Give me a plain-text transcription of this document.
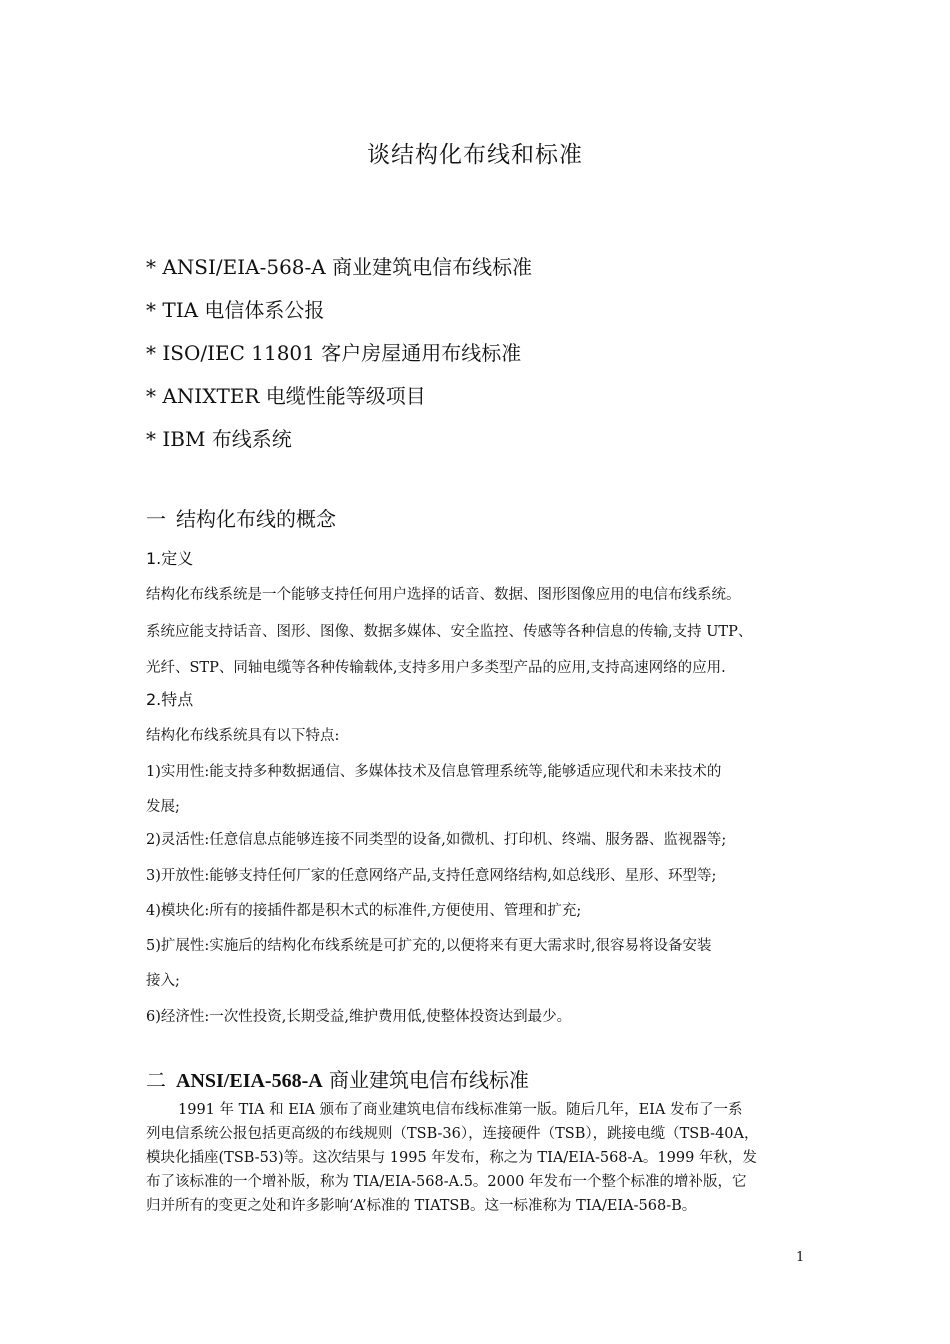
谈结构化布线和标准
* ANSI/EIA-568-A 商业建筑电信布线标准
* TIA 电信体系公报
* ISO/IEC 11801 客户房屋通用布线标准
* ANIXTER 电缆性能等级项目
* IBM 布线系统
一 结构化布线的概念
1.定义
结构化布线系统是一个能够支持任何用户选择的话音、数据、图形图像应用的电信布线系统。
系统应能支持话音、图形、图像、数据多媒体、安全监控、传感等各种信息的传输,支持 UTP、
光纤、STP、同轴电缆等各种传输载体,支持多用户多类型产品的应用,支持高速网络的应用.
2.特点
结构化布线系统具有以下特点:
1)实用性:能支持多种数据通信、多媒体技术及信息管理系统等,能够适应现代和未来技术的
发展;
2)灵活性:任意信息点能够连接不同类型的设备,如微机、打印机、终端、服务器、监视器等;
3)开放性:能够支持任何厂家的任意网络产品,支持任意网络结构,如总线形、星形、环型等;
4)模块化:所有的接插件都是积木式的标准件,方便使用、管理和扩充;
5)扩展性:实施后的结构化布线系统是可扩充的,以便将来有更大需求时,很容易将设备安装
接入;
6)经济性:一次性投资,长期受益,维护费用低,使整体投资达到最少。
二 ANSI/EIA-568-A 商业建筑电信布线标准
1991 年 TIA 和 EIA 颁布了商业建筑电信布线标准第一版。随后几年，EIA 发布了一系
列电信系统公报包括更高级的布线规则（TSB-36），连接硬件（TSB），跳接电缆（TSB-40A，
模块化插座(TSB-53)等。这次结果与 1995 年发布，称之为 TIA/EIA-568-A。1999 年秋，发
布了该标准的一个增补版，称为 TIA/EIA-568-A.5。2000 年发布一个整个标准的增补版，它
归并所有的变更之处和许多影响‘A’标准的 TIATSB。这一标准称为 TIA/EIA-568-B。
1
